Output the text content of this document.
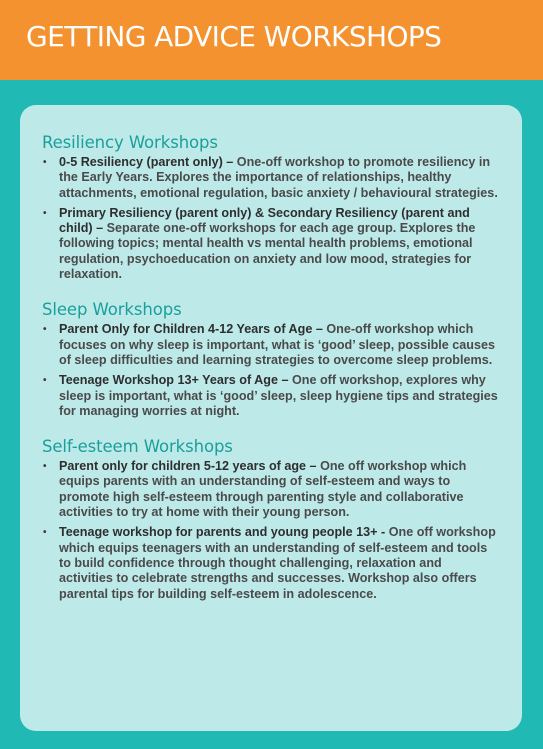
GETTING ADVICE WORKSHOPS
Resiliency Workshops
• 0-5 Resiliency (parent only) – One-off workshop to promote resiliency in the Early Years. Explores the importance of relationships, healthy attachments, emotional regulation, basic anxiety / behavioural strategies.
• Primary Resiliency (parent only) & Secondary Resiliency (parent and child) – Separate one-off workshops for each age group. Explores the following topics; mental health vs mental health problems, emotional regulation, psychoeducation on anxiety and low mood, strategies for relaxation.
Sleep Workshops
• Parent Only for Children 4-12 Years of Age – One-off workshop which focuses on why sleep is important, what is ‘good’ sleep, possible causes of sleep difficulties and learning strategies to overcome sleep problems.
• Teenage Workshop 13+ Years of Age – One off workshop, explores why sleep is important, what is ‘good’ sleep, sleep hygiene tips and strategies for managing worries at night.
Self-esteem Workshops
• Parent only for children 5-12 years of age – One off workshop which equips parents with an understanding of self-esteem and ways to promote high self-esteem through parenting style and collaborative activities to try at home with their young person.
• Teenage workshop for parents and young people 13+ - One off workshop which equips teenagers with an understanding of self-esteem and tools to build confidence through thought challenging, relaxation and activities to celebrate strengths and successes. Workshop also offers parental tips for building self-esteem in adolescence.
